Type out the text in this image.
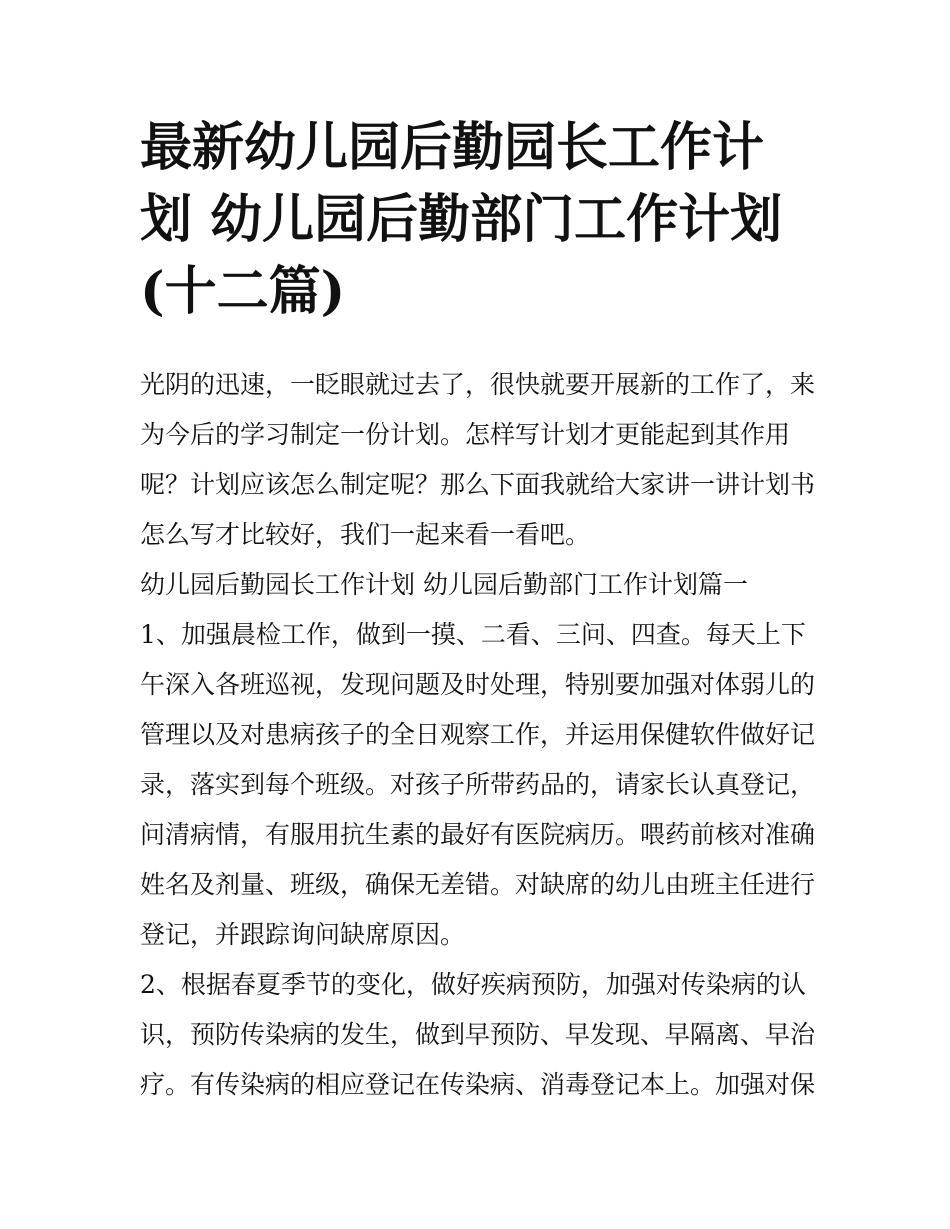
最新幼儿园后勤园长工作计划 幼儿园后勤部门工作计划(十二篇)

光阴的迅速，一眨眼就过去了，很快就要开展新的工作了，来为今后的学习制定一份计划。怎样写计划才更能起到其作用呢？计划应该怎么制定呢？那么下面我就给大家讲一讲计划书怎么写才比较好，我们一起来看一看吧。

幼儿园后勤园长工作计划 幼儿园后勤部门工作计划篇一

1、加强晨检工作，做到一摸、二看、三问、四查。每天上下午深入各班巡视，发现问题及时处理，特别要加强对体弱儿的管理以及对患病孩子的全日观察工作，并运用保健软件做好记录，落实到每个班级。对孩子所带药品的，请家长认真登记，问清病情，有服用抗生素的最好有医院病历。喂药前核对准确姓名及剂量、班级，确保无差错。对缺席的幼儿由班主任进行登记，并跟踪询问缺席原因。

2、根据春夏季节的变化，做好疾病预防，加强对传染病的认识，预防传染病的发生，做到早预防、早发现、早隔离、早治疗。有传染病的相应登记在传染病、消毒登记本上。加强对保
